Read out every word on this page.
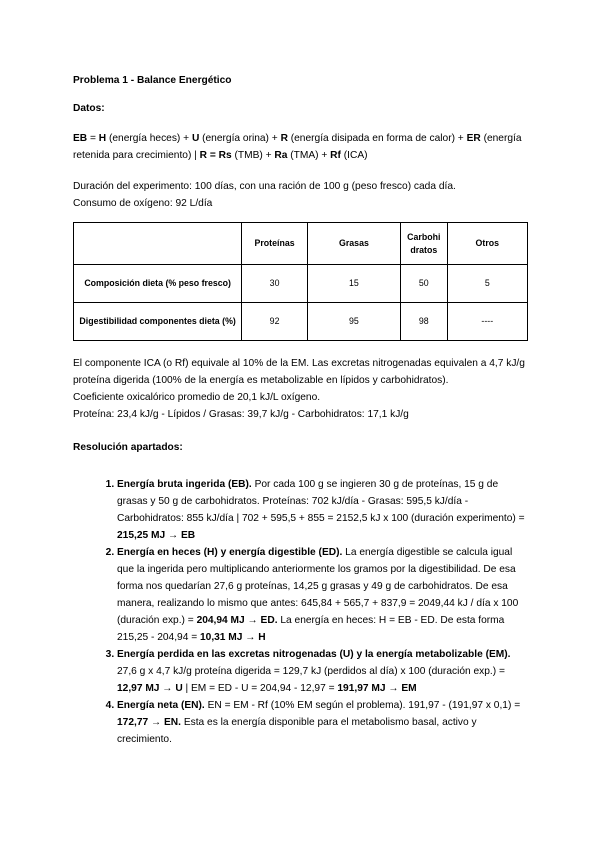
Problema 1 - Balance Energético

Datos:

EB = H (energía heces) + U (energía orina) + R (energía disipada en forma de calor) + ER (energía retenida para crecimiento) | R = Rs (TMB) + Ra (TMA) + Rf (ICA)

Duración del experimento: 100 días, con una ración de 100 g (peso fresco) cada día.

Consumo de oxígeno: 92 L/día

	Proteínas	Grasas	Carbohi dratos	Otros
Composición dieta (% peso fresco)	30	15	50	5
Digestibilidad componentes dieta (%)	92	95	98	----

El componente ICA (o Rf) equivale al 10% de la EM. Las excretas nitrogenadas equivalen a 4,7 kJ/g proteína digerida (100% de la energía es metabolizable en lípidos y carbohidratos).

Coeficiente oxicalórico promedio de 20,1 kJ/L oxígeno.

Proteína: 23,4 kJ/g - Lípidos / Grasas: 39,7 kJ/g - Carbohidratos: 17,1 kJ/g

Resolución apartados:

1. Energía bruta ingerida (EB). Por cada 100 g se ingieren 30 g de proteínas, 15 g de grasas y 50 g de carbohidratos. Proteínas: 702 kJ/día - Grasas: 595,5 kJ/día - Carbohidratos: 855 kJ/día | 702 + 595,5 + 855 = 2152,5 kJ x 100 (duración experimento) = 215,25 MJ → EB
2. Energía en heces (H) y energía digestible (ED). La energía digestible se calcula igual que la ingerida pero multiplicando anteriormente los gramos por la digestibilidad. De esa forma nos quedarían 27,6 g proteínas, 14,25 g grasas y 49 g de carbohidratos. De esa manera, realizando lo mismo que antes: 645,84 + 565,7 + 837,9 = 2049,44 kJ / día x 100 (duración exp.) = 204,94 MJ → ED. La energía en heces: H = EB - ED. De esta forma 215,25 - 204,94 = 10,31 MJ → H
3. Energía perdida en las excretas nitrogenadas (U) y la energía metabolizable (EM). 27,6 g x 4,7 kJ/g proteína digerida = 129,7 kJ (perdidos al día) x 100 (duración exp.) = 12,97 MJ → U | EM = ED - U = 204,94 - 12,97 = 191,97 MJ → EM
4. Energía neta (EN). EN = EM - Rf (10% EM según el problema). 191,97 - (191,97 x 0,1) = 172,77 → EN. Esta es la energía disponible para el metabolismo basal, activo y crecimiento.
